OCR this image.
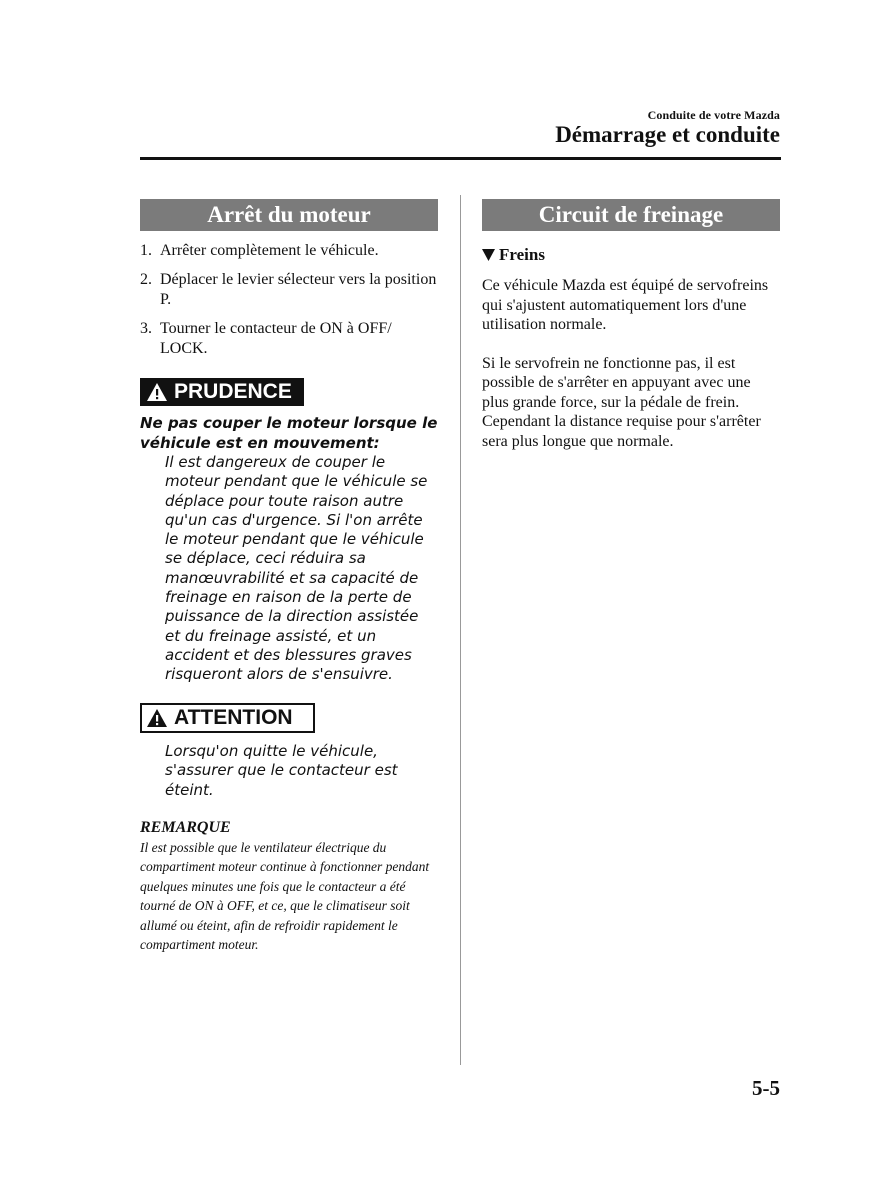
Conduite de votre Mazda
Démarrage et conduite
Arrêt du moteur
1. Arrêter complètement le véhicule.
2. Déplacer le levier sélecteur vers la position P.
3. Tourner le contacteur de ON à OFF/ LOCK.
PRUDENCE
Ne pas couper le moteur lorsque le véhicule est en mouvement:
Il est dangereux de couper le moteur pendant que le véhicule se déplace pour toute raison autre qu'un cas d'urgence. Si l'on arrête le moteur pendant que le véhicule se déplace, ceci réduira sa manœuvrabilité et sa capacité de freinage en raison de la perte de puissance de la direction assistée et du freinage assisté, et un accident et des blessures graves risqueront alors de s'ensuivre.
ATTENTION
Lorsqu'on quitte le véhicule, s'assurer que le contacteur est éteint.
REMARQUE
Il est possible que le ventilateur électrique du compartiment moteur continue à fonctionner pendant quelques minutes une fois que le contacteur a été tourné de ON à OFF, et ce, que le climatiseur soit allumé ou éteint, afin de refroidir rapidement le compartiment moteur.
Circuit de freinage
Freins
Ce véhicule Mazda est équipé de servofreins qui s'ajustent automatiquement lors d'une utilisation normale.
Si le servofrein ne fonctionne pas, il est possible de s'arrêter en appuyant avec une plus grande force, sur la pédale de frein. Cependant la distance requise pour s'arrêter sera plus longue que normale.
5-5
